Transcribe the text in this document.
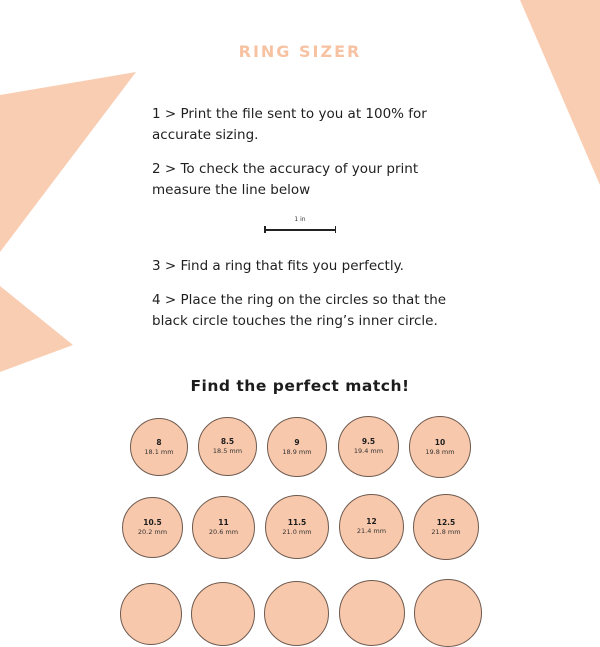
RING SIZER
1 > Print the file sent to you at 100% for accurate sizing.
2 > To check the accuracy of your print measure the line below
1 in
3 > Find a ring that fits you perfectly.
4 > Place the ring on the circles so that the black circle touches the ring’s inner circle.
Find the perfect match!
8
18.1 mm
8.5
18.5 mm
9
18.9 mm
9.5
19.4 mm
10
19.8 mm
10.5
20.2 mm
11
20.6 mm
11.5
21.0 mm
12
21.4 mm
12.5
21.8 mm
